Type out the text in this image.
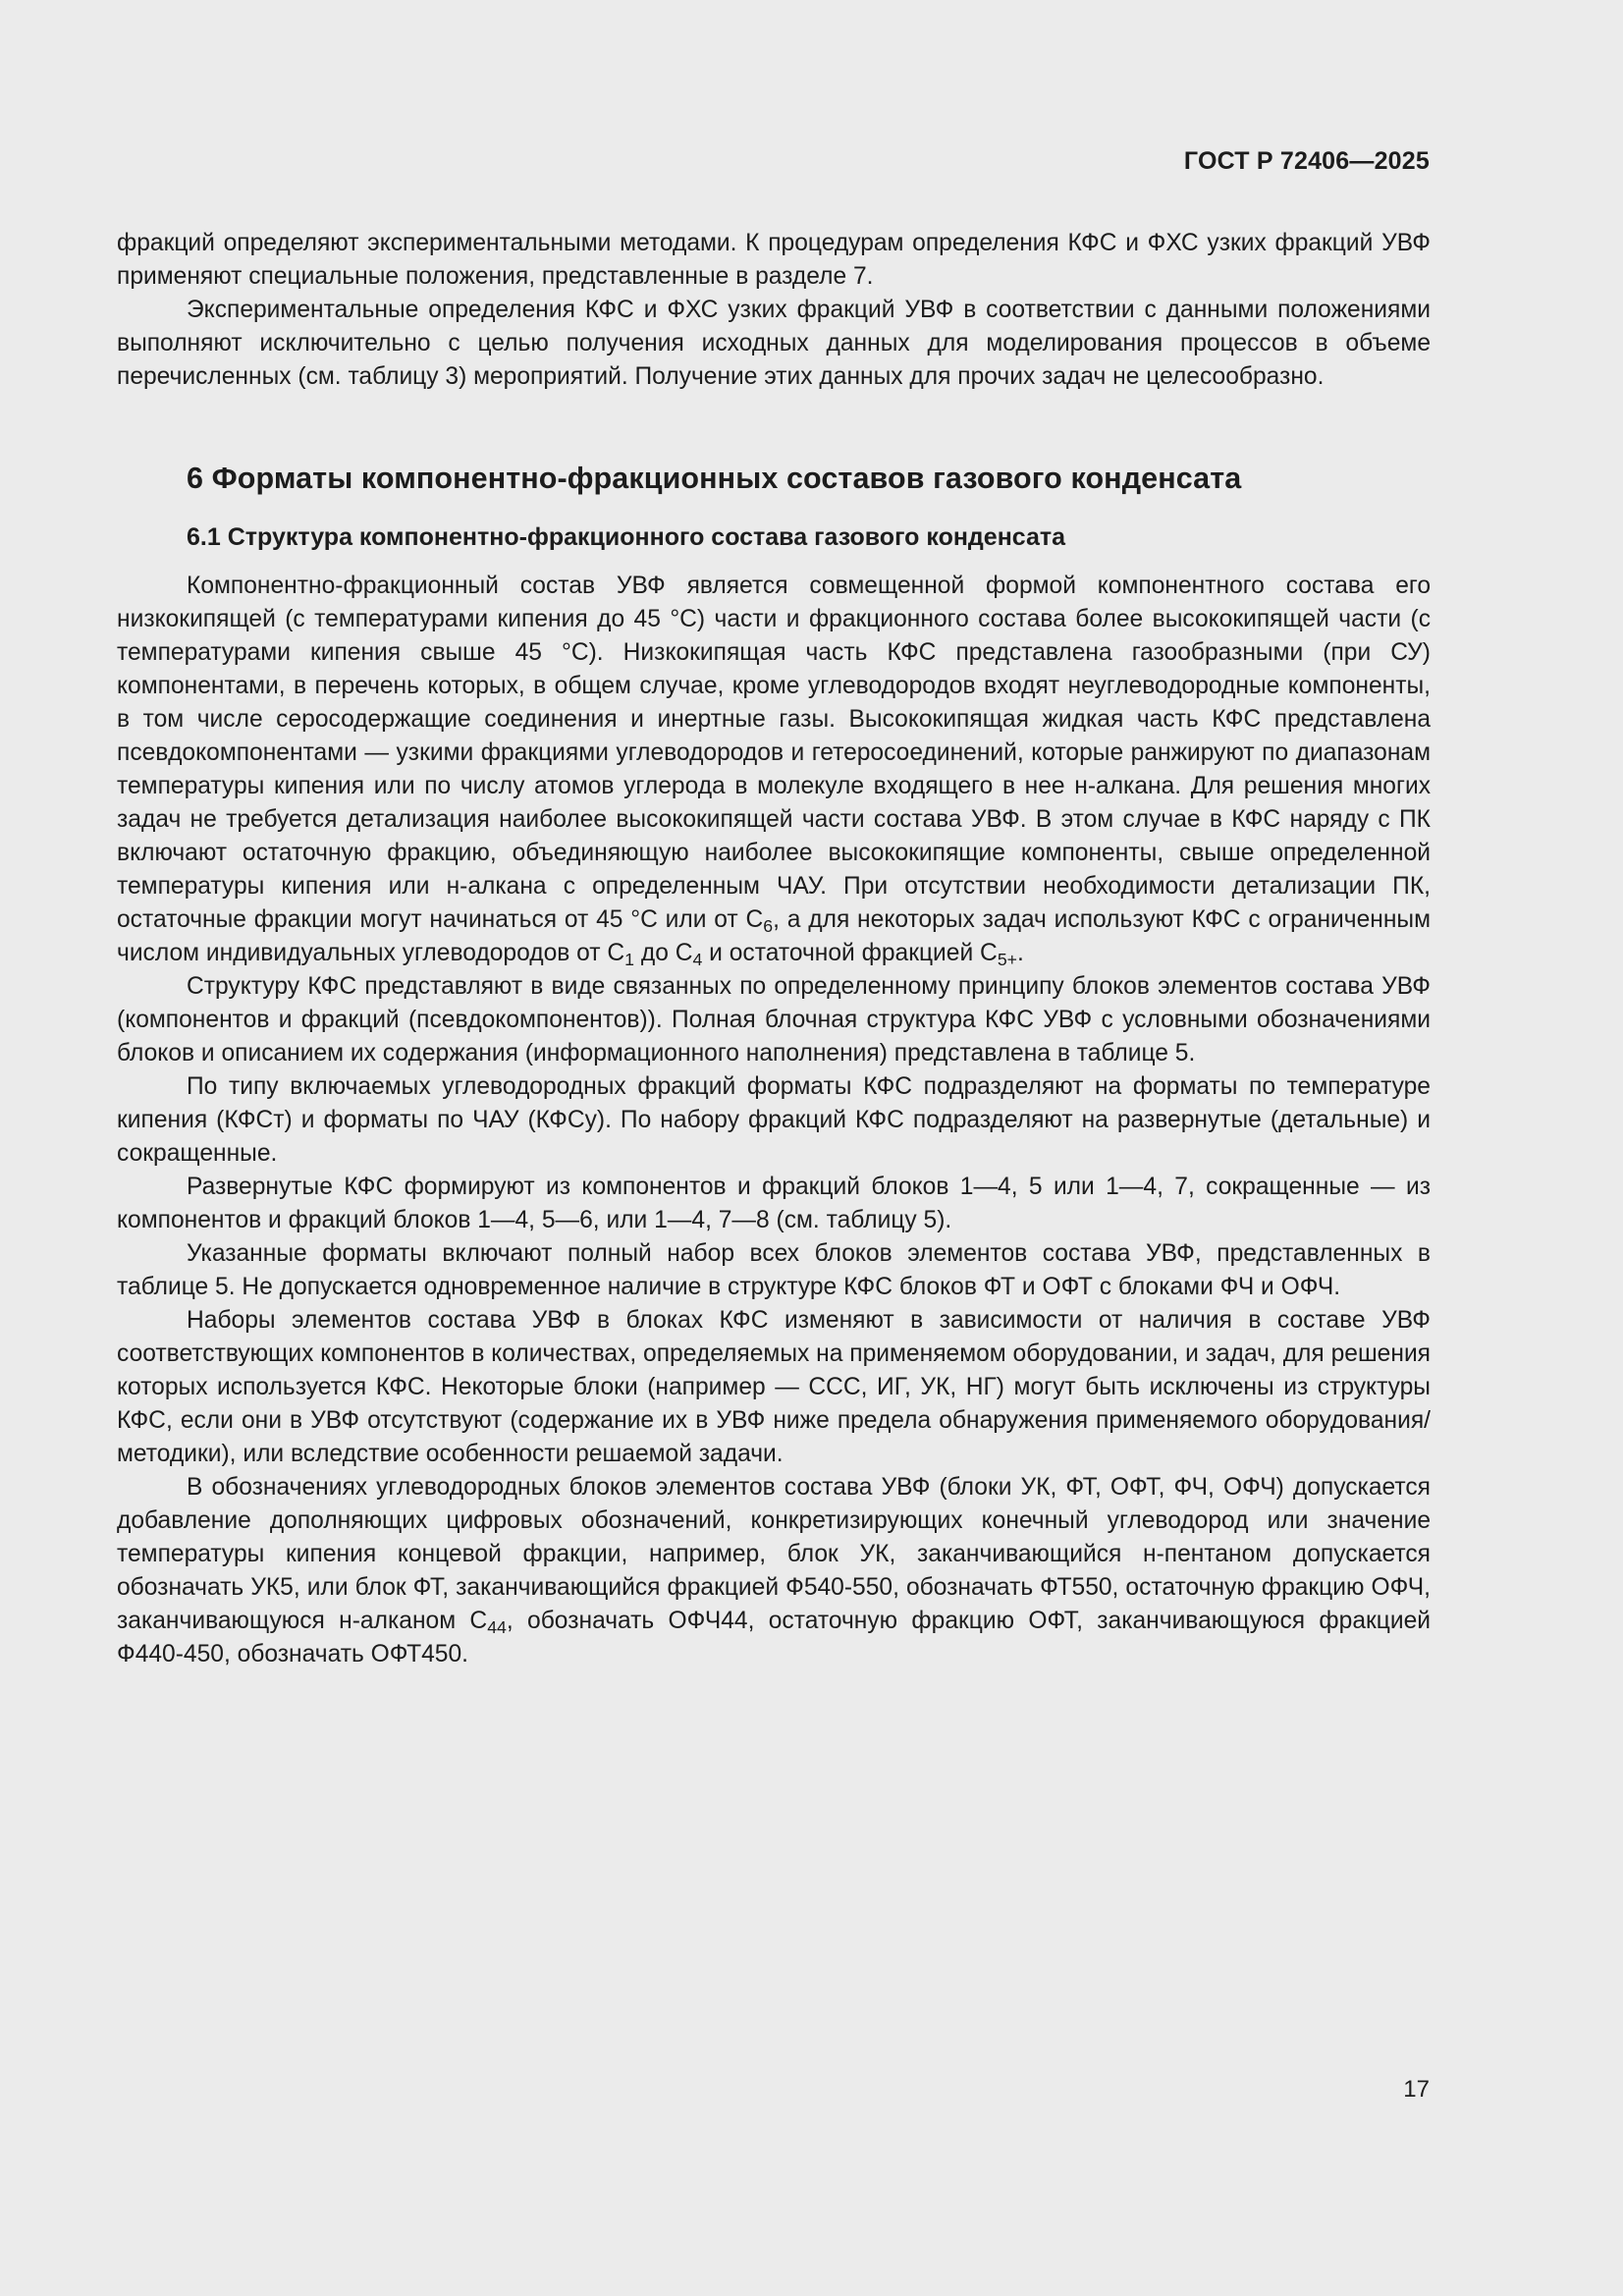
ГОСТ Р 72406—2025

фракций определяют экспериментальными методами. К процедурам определения КФС и ФХС узких фракций УВФ применяют специальные положения, представленные в разделе 7.

Экспериментальные определения КФС и ФХС узких фракций УВФ в соответствии с данными положениями выполняют исключительно с целью получения исходных данных для моделирования процессов в объеме перечисленных (см. таблицу 3) мероприятий. Получение этих данных для прочих задач не целесообразно.

6 Форматы компонентно-фракционных составов газового конденсата
6.1 Структура компонентно-фракционного состава газового конденсата

Компонентно-фракционный состав УВФ является совмещенной формой компонентного состава его низкокипящей (с температурами кипения до 45 °С) части и фракционного состава более высококипящей части (с температурами кипения свыше 45 °С). Низкокипящая часть КФС представлена газообразными (при СУ) компонентами, в перечень которых, в общем случае, кроме углеводородов входят неуглеводородные компоненты, в том числе серосодержащие соединения и инертные газы. Высококипящая жидкая часть КФС представлена псевдокомпонентами — узкими фракциями углеводородов и гетеросоединений, которые ранжируют по диапазонам температуры кипения или по числу атомов углерода в молекуле входящего в нее н-алкана. Для решения многих задач не требуется детализация наиболее высококипящей части состава УВФ. В этом случае в КФС наряду с ПК включают остаточную фракцию, объединяющую наиболее высококипящие компоненты, свыше определенной температуры кипения или н-алкана с определенным ЧАУ. При отсутствии необходимости детализации ПК, остаточные фракции могут начинаться от 45 °С или от $C_6$, а для некоторых задач используют КФС с ограниченным числом индивидуальных углеводородов от $C_1$ до $C_4$ и остаточной фракцией $C_{5+}$.

Структуру КФС представляют в виде связанных по определенному принципу блоков элементов состава УВФ (компонентов и фракций (псевдокомпонентов)). Полная блочная структура КФС УВФ с условными обозначениями блоков и описанием их содержания (информационного наполнения) представлена в таблице 5.

По типу включаемых углеводородных фракций форматы КФС подразделяют на форматы по температуре кипения (КФСт) и форматы по ЧАУ (КФСу). По набору фракций КФС подразделяют на развернутые (детальные) и сокращенные.

Развернутые КФС формируют из компонентов и фракций блоков 1—4, 5 или 1—4, 7, сокращенные — из компонентов и фракций блоков 1—4, 5—6, или 1—4, 7—8 (см. таблицу 5).

Указанные форматы включают полный набор всех блоков элементов состава УВФ, представленных в таблице 5. Не допускается одновременное наличие в структуре КФС блоков ФТ и ОФТ с блоками ФЧ и ОФЧ.

Наборы элементов состава УВФ в блоках КФС изменяют в зависимости от наличия в составе УВФ соответствующих компонентов в количествах, определяемых на применяемом оборудовании, и задач, для решения которых используется КФС. Некоторые блоки (например — ССС, ИГ, УК, НГ) могут быть исключены из структуры КФС, если они в УВФ отсутствуют (содержание их в УВФ ниже предела обнаружения применяемого оборудования/методики), или вследствие особенности решаемой задачи.

В обозначениях углеводородных блоков элементов состава УВФ (блоки УК, ФТ, ОФТ, ФЧ, ОФЧ) допускается добавление дополняющих цифровых обозначений, конкретизирующих конечный углеводород или значение температуры кипения концевой фракции, например, блок УК, заканчивающийся н-пентаном допускается обозначать УК5, или блок ФТ, заканчивающийся фракцией Ф540-550, обозначать ФТ550, остаточную фракцию ОФЧ, заканчивающуюся н-алканом $C_{44}$, обозначать ОФЧ44, остаточную фракцию ОФТ, заканчивающуюся фракцией Ф440-450, обозначать ОФТ450.

17
